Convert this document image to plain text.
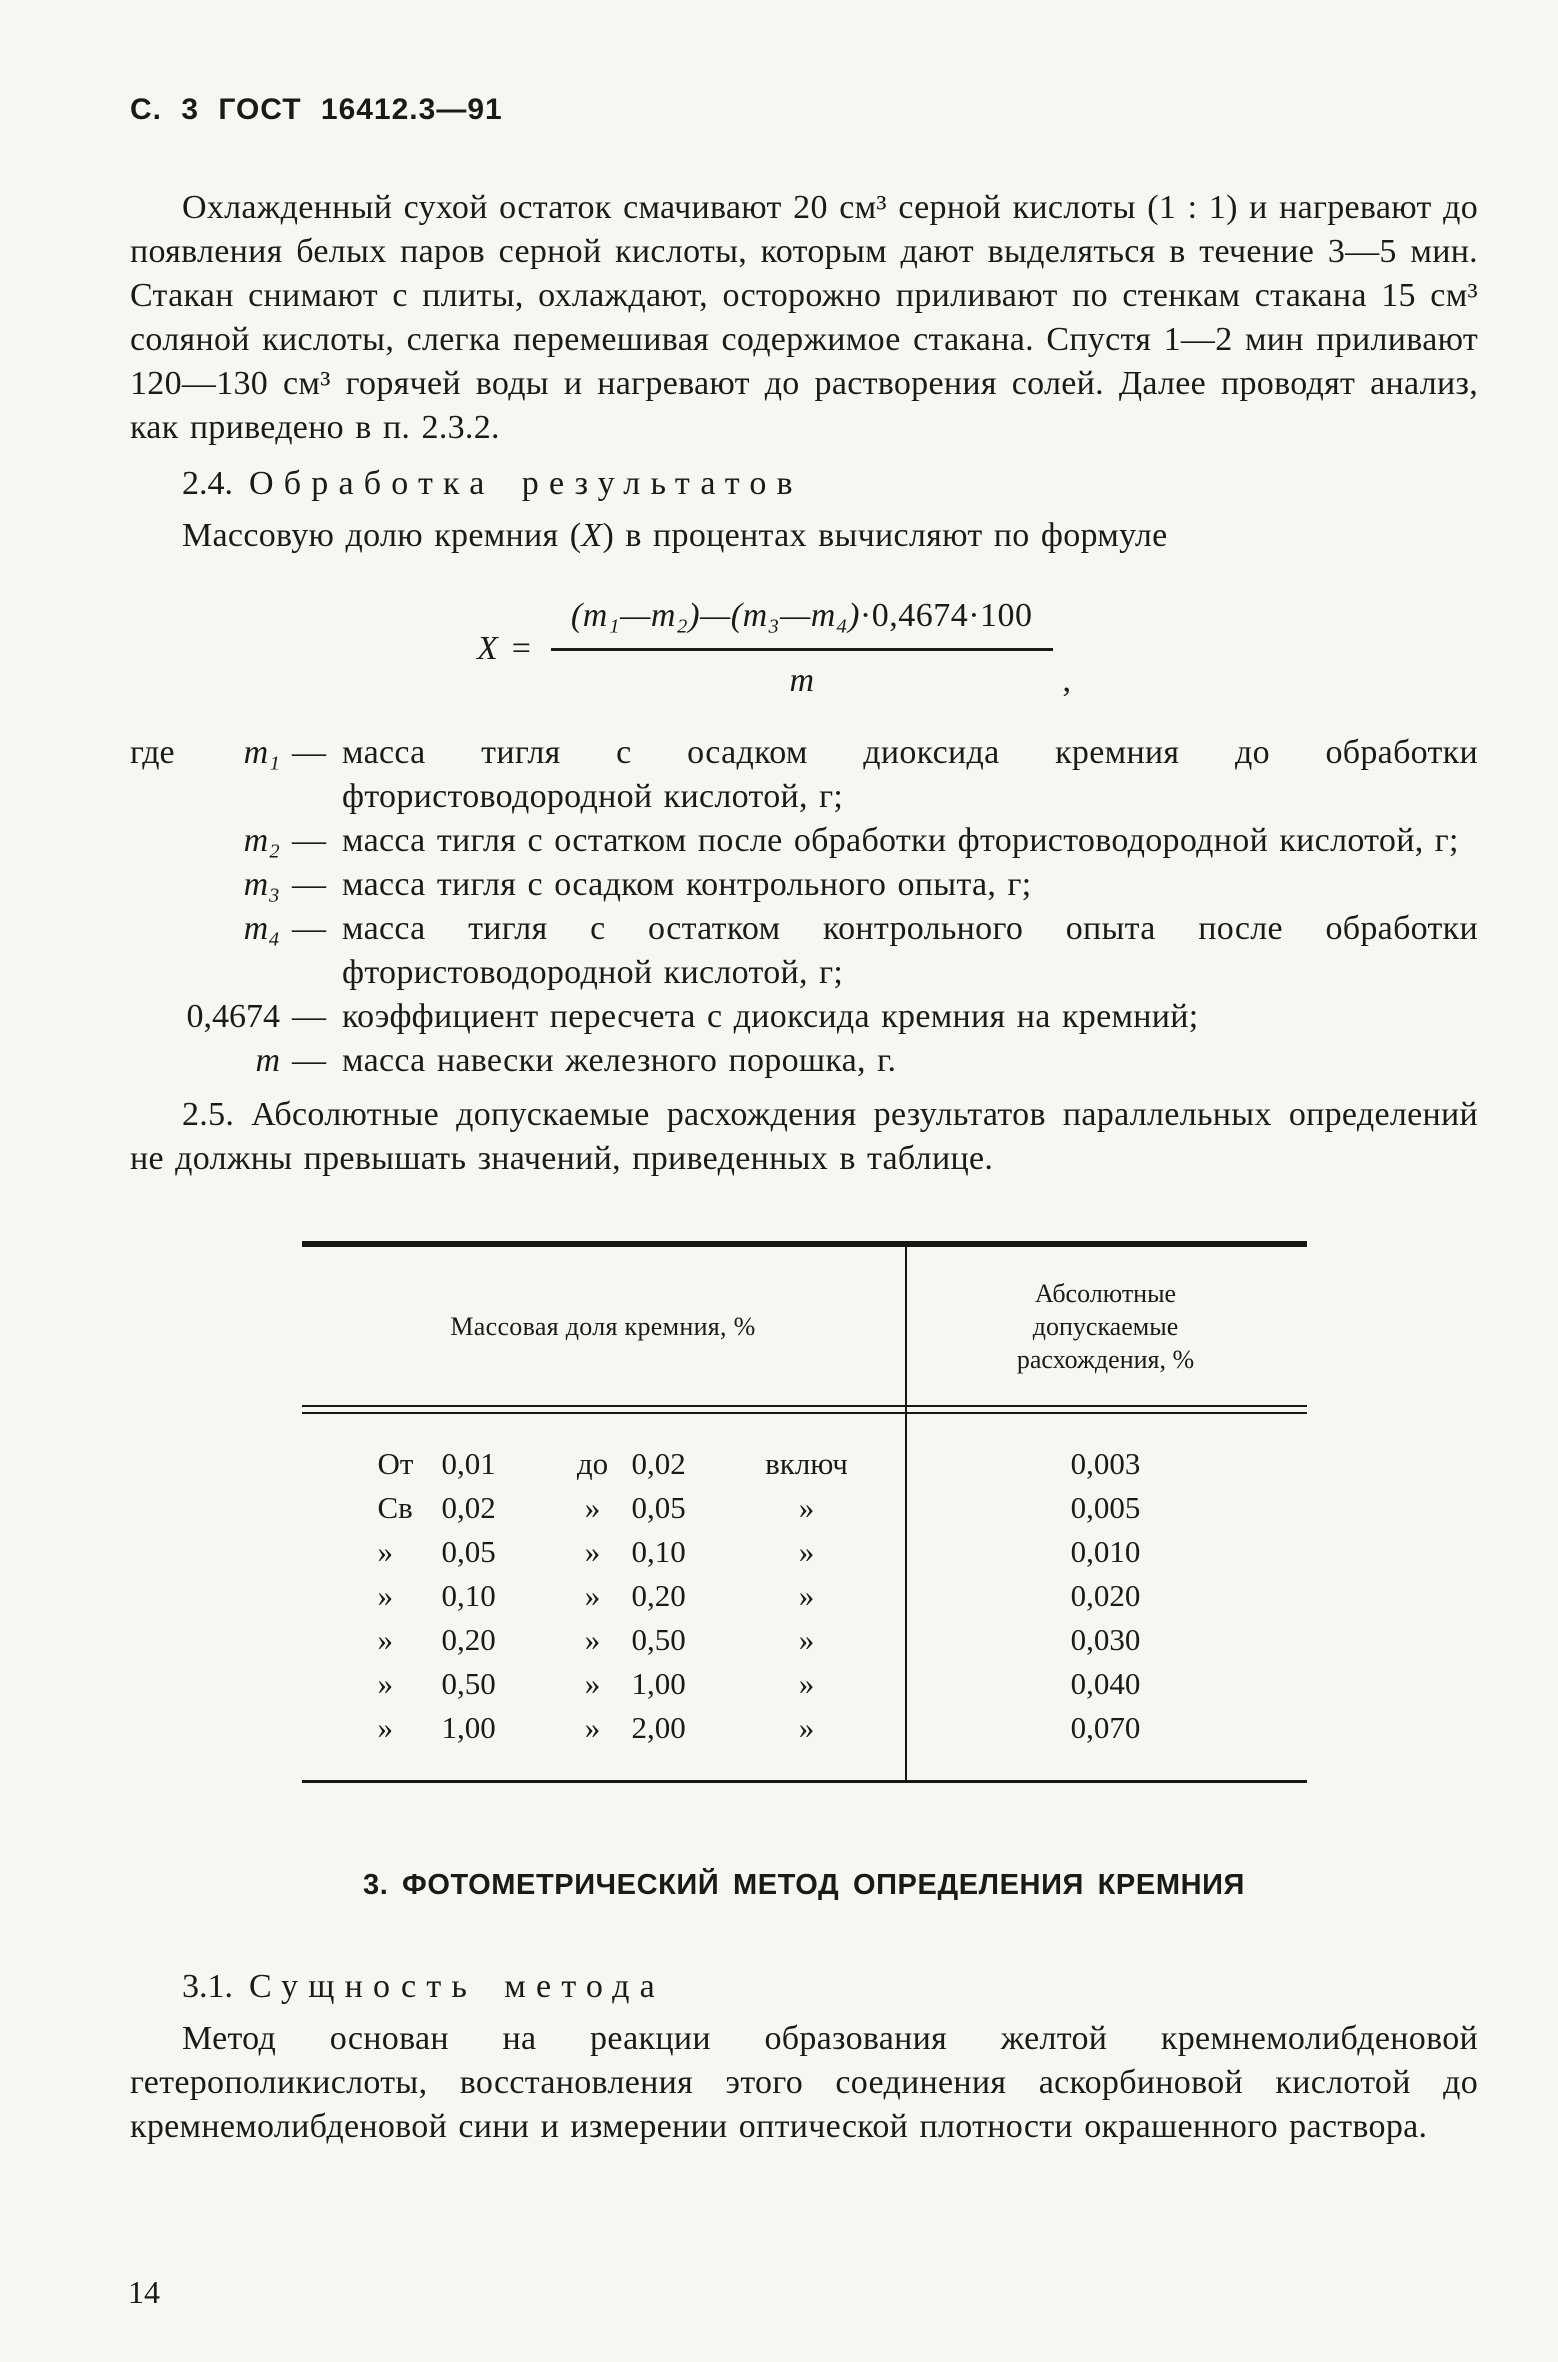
С. 3 ГОСТ 16412.3—91

Охлажденный сухой остаток смачивают 20 см³ серной кислоты (1 : 1) и нагревают до появления белых паров серной кислоты, которым дают выделяться в течение 3—5 мин. Стакан снимают с плиты, охлаждают, осторожно приливают по стенкам стакана 15 см³ соляной кислоты, слегка перемешивая содержимое стакана. Спустя 1—2 мин приливают 120—130 см³ горячей воды и нагревают до растворения солей. Далее проводят анализ, как приведено в п. 2.3.2.

2.4. Обработка результатов

Массовую долю кремния (X) в процентах вычисляют по формуле

$X = \frac{\text{(m₁—m₂)—(m₃—m₄)·0,4674·100}}{m}$ ,
где m₁ — масса тигля с осадком диоксида кремния до обработки фтористоводородной кислотой, г;
m₂ — масса тигля с остатком после обработки фтористоводородной кислотой, г;
m₃ — масса тигля с осадком контрольного опыта, г;
m₄ — масса тигля с остатком контрольного опыта после обработки фтористоводородной кислотой, г;
0,4674 — коэффициент пересчета с диоксида кремния на кремний;
m — масса навески железного порошка, г.

2.5. Абсолютные допускаемые расхождения результатов параллельных определений не должны превышать значений, приведенных в таблице.

Массовая доля кремния, %
Абсолютные допускаемые расхождения, %
От 0,01	до 0,02	включ	0,003
Св 0,02	» 0,05	»	0,005
» 0,05	» 0,10	»	0,010
» 0,10	» 0,20	»	0,020
» 0,20	» 0,50	»	0,030
» 0,50	» 1,00	»	0,040
» 1,00	» 2,00	»	0,070
3. ФОТОМЕТРИЧЕСКИЙ МЕТОД ОПРЕДЕЛЕНИЯ КРЕМНИЯ

3.1. Сущность метода

Метод основан на реакции образования желтой кремнемолибденовой гетерополикислоты, восстановления этого соединения аскорбиновой кислотой до кремнемолибденовой сини и измерении оптической плотности окрашенного раствора.

14
